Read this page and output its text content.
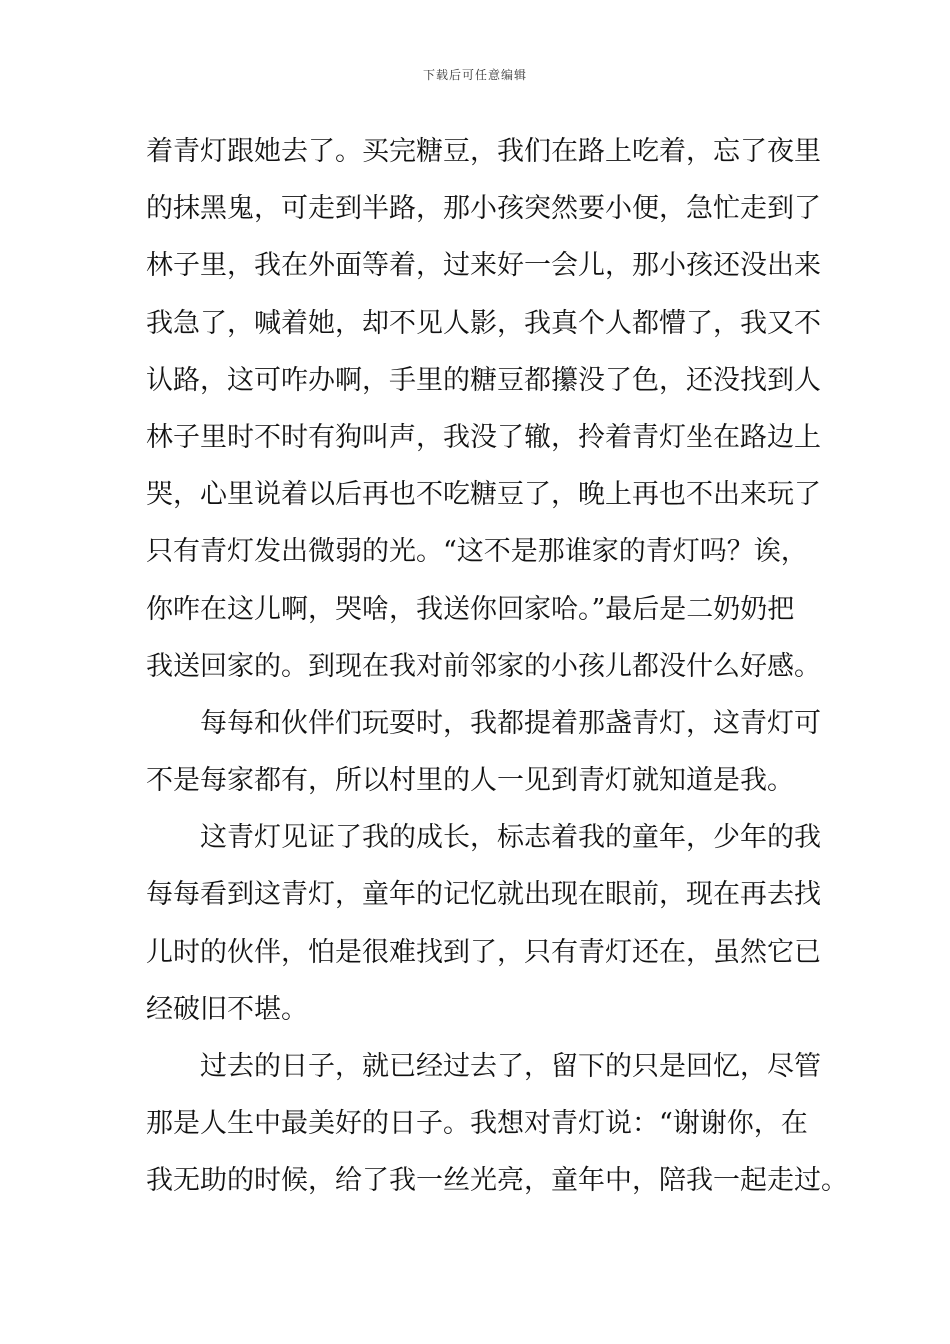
下载后可任意编辑
着青灯跟她去了。买完糖豆，我们在路上吃着，忘了夜里
的抹黑鬼，可走到半路，那小孩突然要小便，急忙走到了
林子里，我在外面等着，过来好一会儿，那小孩还没出来
我急了，喊着她，却不见人影，我真个人都懵了，我又不
认路，这可咋办啊，手里的糖豆都攥没了色，还没找到人
林子里时不时有狗叫声，我没了辙，拎着青灯坐在路边上
哭，心里说着以后再也不吃糖豆了，晚上再也不出来玩了
只有青灯发出微弱的光。“这不是那谁家的青灯吗？诶，
你咋在这儿啊，哭啥，我送你回家哈。”最后是二奶奶把
我送回家的。到现在我对前邻家的小孩儿都没什么好感。
每每和伙伴们玩耍时，我都提着那盏青灯，这青灯可
不是每家都有，所以村里的人一见到青灯就知道是我。
这青灯见证了我的成长，标志着我的童年，少年的我
每每看到这青灯，童年的记忆就出现在眼前，现在再去找
儿时的伙伴，怕是很难找到了，只有青灯还在，虽然它已
经破旧不堪。
过去的日子，就已经过去了，留下的只是回忆，尽管
那是人生中最美好的日子。我想对青灯说：“谢谢你，在
我无助的时候，给了我一丝光亮，童年中，陪我一起走过。
